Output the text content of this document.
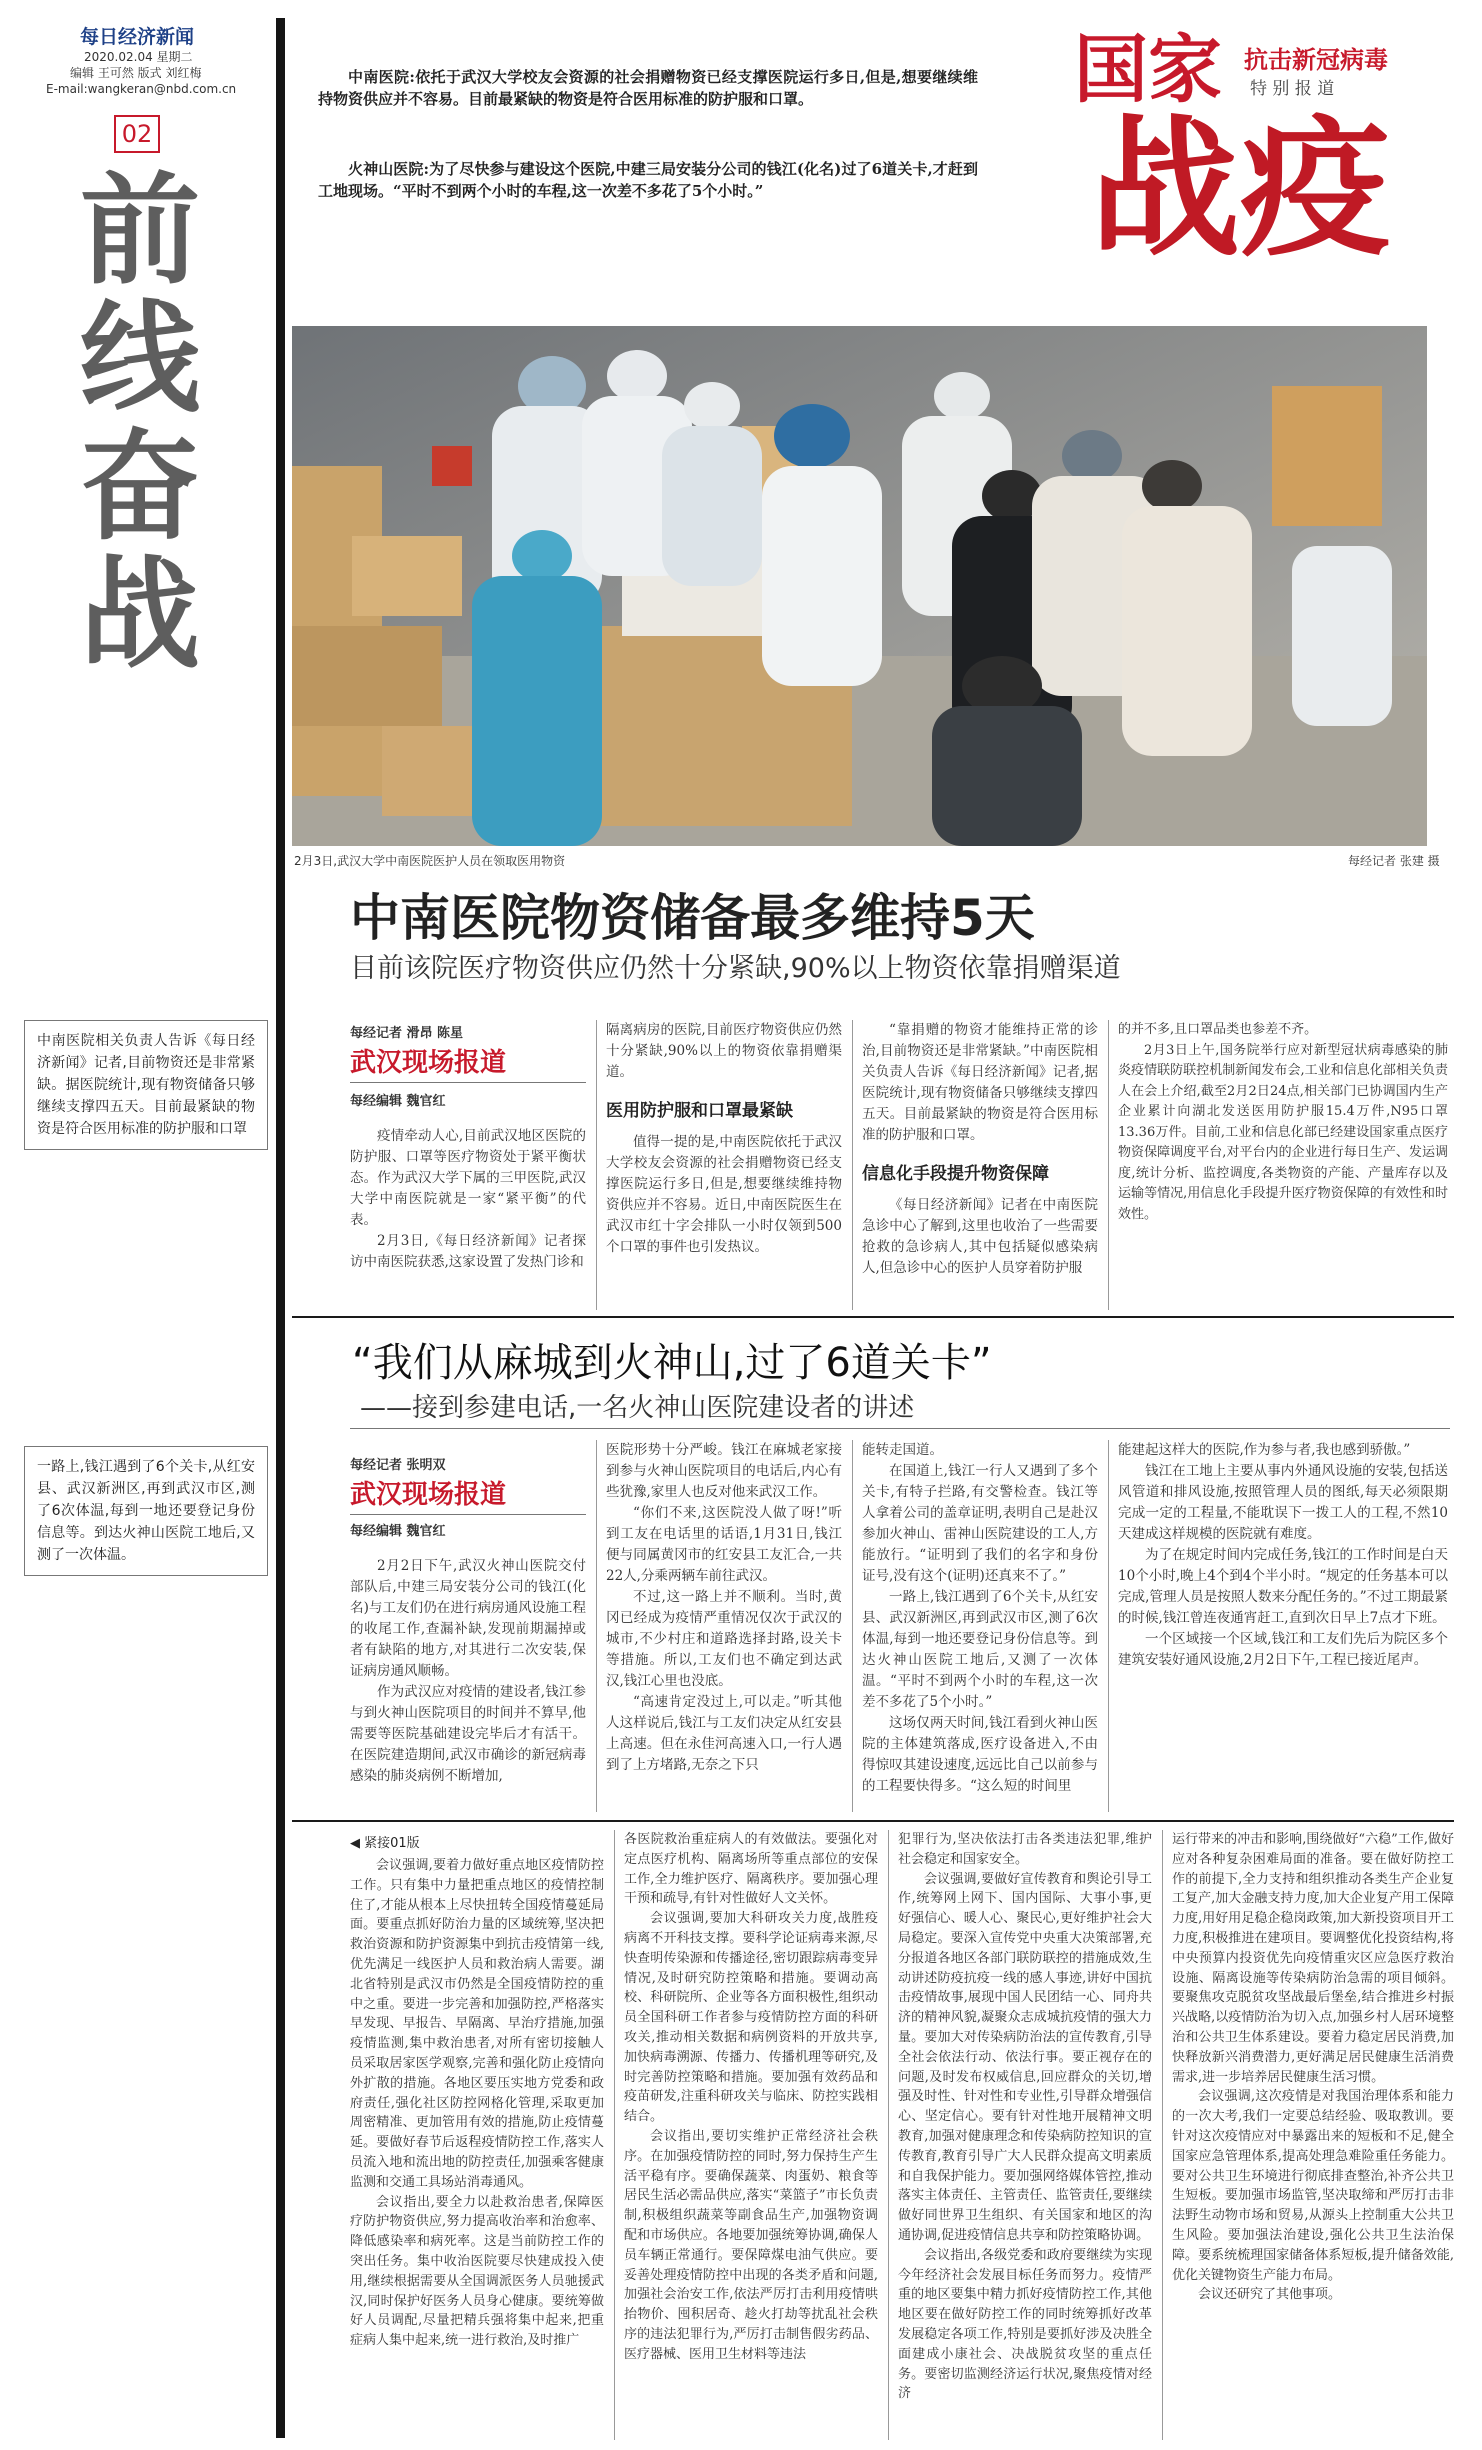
每日经济新闻
2020.02.04 星期二
编辑 王可然 版式 刘红梅
E-mail:wangkeran@nbd.com.cn
02
前线奋战
中南医院相关负责人告诉《每日经济新闻》记者,目前物资还是非常紧缺。据医院统计,现有物资储备只够继续支撑四五天。目前最紧缺的物资是符合医用标准的防护服和口罩
一路上,钱江遇到了6个关卡,从红安县、武汉新洲区,再到武汉市区,测了6次体温,每到一地还要登记身份信息等。到达火神山医院工地后,又测了一次体温。
中南医院:依托于武汉大学校友会资源的社会捐赠物资已经支撑医院运行多日,但是,想要继续维持物资供应并不容易。目前最紧缺的物资是符合医用标准的防护服和口罩。
火神山医院:为了尽快参与建设这个医院,中建三局安装分公司的钱江(化名)过了6道关卡,才赶到工地现场。“平时不到两个小时的车程,这一次差不多花了5个小时。”
国家 抗击新冠病毒
特 别 报 道
战疫
2月3日,武汉大学中南医院医护人员在领取医用物资	每经记者 张建 摄
中南医院物资储备最多维持5天
目前该院医疗物资供应仍然十分紧缺,90%以上物资依靠捐赠渠道
每经记者 滑昂 陈星
武汉现场报道
每经编辑 魏官红

疫情牵动人心,目前武汉地区医院的防护服、口罩等医疗物资处于紧平衡状态。作为武汉大学下属的三甲医院,武汉大学中南医院就是一家“紧平衡”的代表。

2月3日,《每日经济新闻》记者探访中南医院获悉,这家设置了发热门诊和

隔离病房的医院,目前医疗物资供应仍然十分紧缺,90%以上的物资依靠捐赠渠道。

医用防护服和口罩最紧缺

值得一提的是,中南医院依托于武汉大学校友会资源的社会捐赠物资已经支撑医院运行多日,但是,想要继续维持物资供应并不容易。近日,中南医院医生在武汉市红十字会排队一小时仅领到500个口罩的事件也引发热议。

“靠捐赠的物资才能维持正常的诊治,目前物资还是非常紧缺。”中南医院相关负责人告诉《每日经济新闻》记者,据医院统计,现有物资储备只够继续支撑四五天。目前最紧缺的物资是符合医用标准的防护服和口罩。

信息化手段提升物资保障

《每日经济新闻》记者在中南医院急诊中心了解到,这里也收治了一些需要抢救的急诊病人,其中包括疑似感染病人,但急诊中心的医护人员穿着防护服

的并不多,且口罩品类也参差不齐。

2月3日上午,国务院举行应对新型冠状病毒感染的肺炎疫情联防联控机制新闻发布会,工业和信息化部相关负责人在会上介绍,截至2月2日24点,相关部门已协调国内生产企业累计向湖北发送医用防护服15.4万件,N95口罩13.36万件。目前,工业和信息化部已经建设国家重点医疗物资保障调度平台,对平台内的企业进行每日生产、发运调度,统计分析、监控调度,各类物资的产能、产量库存以及运输等情况,用信息化手段提升医疗物资保障的有效性和时效性。

“我们从麻城到火神山,过了6道关卡”
——接到参建电话,一名火神山医院建设者的讲述
每经记者 张明双
武汉现场报道
每经编辑 魏官红

2月2日下午,武汉火神山医院交付部队后,中建三局安装分公司的钱江(化名)与工友们仍在进行病房通风设施工程的收尾工作,查漏补缺,发现前期漏掉或者有缺陷的地方,对其进行二次安装,保证病房通风顺畅。

作为武汉应对疫情的建设者,钱江参与到火神山医院项目的时间并不算早,他需要等医院基础建设完毕后才有活干。在医院建造期间,武汉市确诊的新冠病毒感染的肺炎病例不断增加,

医院形势十分严峻。钱江在麻城老家接到参与火神山医院项目的电话后,内心有些犹豫,家里人也反对他来武汉工作。

“你们不来,这医院没人做了呀!”听到工友在电话里的话语,1月31日,钱江便与同属黄冈市的红安县工友汇合,一共22人,分乘两辆车前往武汉。

不过,这一路上并不顺利。当时,黄冈已经成为疫情严重情况仅次于武汉的城市,不少村庄和道路选择封路,设关卡等措施。所以,工友们也不确定到达武汉,钱江心里也没底。

“高速肯定没过上,可以走。”听其他人这样说后,钱江与工友们决定从红安县上高速。但在永佳河高速入口,一行人遇到了上方堵路,无奈之下只

能转走国道。

在国道上,钱江一行人又遇到了多个关卡,有特子拦路,有交警检查。钱江等人拿着公司的盖章证明,表明自己是赴汉参加火神山、雷神山医院建设的工人,方能放行。“证明到了我们的名字和身份证号,没有这个(证明)还真来不了。”

一路上,钱江遇到了6个关卡,从红安县、武汉新洲区,再到武汉市区,测了6次体温,每到一地还要登记身份信息等。到达火神山医院工地后,又测了一次体温。“平时不到两个小时的车程,这一次差不多花了5个小时。”

这场仅两天时间,钱江看到火神山医院的主体建筑落成,医疗设备进入,不由得惊叹其建设速度,远远比自己以前参与的工程要快得多。“这么短的时间里

能建起这样大的医院,作为参与者,我也感到骄傲。”

钱江在工地上主要从事内外通风设施的安装,包括送风管道和排风设施,按照管理人员的图纸,每天必须限期完成一定的工程量,不能耽误下一拨工人的工程,不然10天建成这样规模的医院就有难度。

为了在规定时间内完成任务,钱江的工作时间是白天10个小时,晚上4个到4个半小时。“规定的任务基本可以完成,管理人员是按照人数来分配任务的。”不过工期最紧的时候,钱江曾连夜通宵赶工,直到次日早上7点才下班。

一个区域接一个区域,钱江和工友们先后为院区多个建筑安装好通风设施,2月2日下午,工程已接近尾声。

◀ 紧接01版

会议强调,要着力做好重点地区疫情防控工作。只有集中力量把重点地区的疫情控制住了,才能从根本上尽快扭转全国疫情蔓延局面。要重点抓好防治力量的区域统筹,坚决把救治资源和防护资源集中到抗击疫情第一线,优先满足一线医护人员和救治病人需要。湖北省特别是武汉市仍然是全国疫情防控的重中之重。要进一步完善和加强防控,严格落实早发现、早报告、早隔离、早治疗措施,加强疫情监测,集中救治患者,对所有密切接触人员采取居家医学观察,完善和强化防止疫情向外扩散的措施。各地区要压实地方党委和政府责任,强化社区防控网格化管理,采取更加周密精准、更加管用有效的措施,防止疫情蔓延。要做好春节后返程疫情防控工作,落实人员流入地和流出地的防控责任,加强乘客健康监测和交通工具场站消毒通风。

会议指出,要全力以赴救治患者,保障医疗防护物资供应,努力提高收治率和治愈率、降低感染率和病死率。这是当前防控工作的突出任务。集中收治医院要尽快建成投入使用,继续根据需要从全国调派医务人员驰援武汉,同时保护好医务人员身心健康。要统筹做好人员调配,尽量把精兵强将集中起来,把重症病人集中起来,统一进行救治,及时推广

各医院救治重症病人的有效做法。要强化对定点医疗机构、隔离场所等重点部位的安保工作,全力维护医疗、隔离秩序。要加强心理干预和疏导,有针对性做好人文关怀。

会议强调,要加大科研攻关力度,战胜疫病离不开科技支撑。要科学论证病毒来源,尽快查明传染源和传播途径,密切跟踪病毒变异情况,及时研究防控策略和措施。要调动高校、科研院所、企业等各方面积极性,组织动员全国科研工作者参与疫情防控方面的科研攻关,推动相关数据和病例资料的开放共享,加快病毒溯源、传播力、传播机理等研究,及时完善防控策略和措施。要加强有效药品和疫苗研发,注重科研攻关与临床、防控实践相结合。

会议指出,要切实维护正常经济社会秩序。在加强疫情防控的同时,努力保持生产生活平稳有序。要确保蔬菜、肉蛋奶、粮食等居民生活必需品供应,落实“菜篮子”市长负责制,积极组织蔬菜等副食品生产,加强物资调配和市场供应。各地要加强统筹协调,确保人员车辆正常通行。要保障煤电油气供应。要妥善处理疫情防控中出现的各类矛盾和问题,加强社会治安工作,依法严厉打击利用疫情哄抬物价、囤积居奇、趁火打劫等扰乱社会秩序的违法犯罪行为,严厉打击制售假劣药品、医疗器械、医用卫生材料等违法

犯罪行为,坚决依法打击各类违法犯罪,维护社会稳定和国家安全。

会议强调,要做好宣传教育和舆论引导工作,统筹网上网下、国内国际、大事小事,更好强信心、暖人心、聚民心,更好维护社会大局稳定。要深入宣传党中央重大决策部署,充分报道各地区各部门联防联控的措施成效,生动讲述防疫抗疫一线的感人事迹,讲好中国抗击疫情故事,展现中国人民团结一心、同舟共济的精神风貌,凝聚众志成城抗疫情的强大力量。要加大对传染病防治法的宣传教育,引导全社会依法行动、依法行事。要正视存在的问题,及时发布权威信息,回应群众的关切,增强及时性、针对性和专业性,引导群众增强信心、坚定信心。要有针对性地开展精神文明教育,加强对健康理念和传染病防控知识的宣传教育,教育引导广大人民群众提高文明素质和自我保护能力。要加强网络媒体管控,推动落实主体责任、主管责任、监管责任,要继续做好同世界卫生组织、有关国家和地区的沟通协调,促进疫情信息共享和防控策略协调。

会议指出,各级党委和政府要继续为实现今年经济社会发展目标任务而努力。疫情严重的地区要集中精力抓好疫情防控工作,其他地区要在做好防控工作的同时统筹抓好改革发展稳定各项工作,特别是要抓好涉及决胜全面建成小康社会、决战脱贫攻坚的重点任务。要密切监测经济运行状况,聚焦疫情对经济

运行带来的冲击和影响,围绕做好“六稳”工作,做好应对各种复杂困难局面的准备。要在做好防控工作的前提下,全力支持和组织推动各类生产企业复工复产,加大金融支持力度,加大企业复产用工保障力度,用好用足稳企稳岗政策,加大新投资项目开工力度,积极推进在建项目。要调整优化投资结构,将中央预算内投资优先向疫情重灾区应急医疗救治设施、隔离设施等传染病防治急需的项目倾斜。要聚焦攻克脱贫攻坚战最后堡垒,结合推进乡村振兴战略,以疫情防治为切入点,加强乡村人居环境整治和公共卫生体系建设。要着力稳定居民消费,加快释放新兴消费潜力,更好满足居民健康生活消费需求,进一步培养居民健康生活习惯。

会议强调,这次疫情是对我国治理体系和能力的一次大考,我们一定要总结经验、吸取教训。要针对这次疫情应对中暴露出来的短板和不足,健全国家应急管理体系,提高处理急难险重任务能力。要对公共卫生环境进行彻底排查整治,补齐公共卫生短板。要加强市场监管,坚决取缔和严厉打击非法野生动物市场和贸易,从源头上控制重大公共卫生风险。要加强法治建设,强化公共卫生法治保障。要系统梳理国家储备体系短板,提升储备效能,优化关键物资生产能力布局。

会议还研究了其他事项。
